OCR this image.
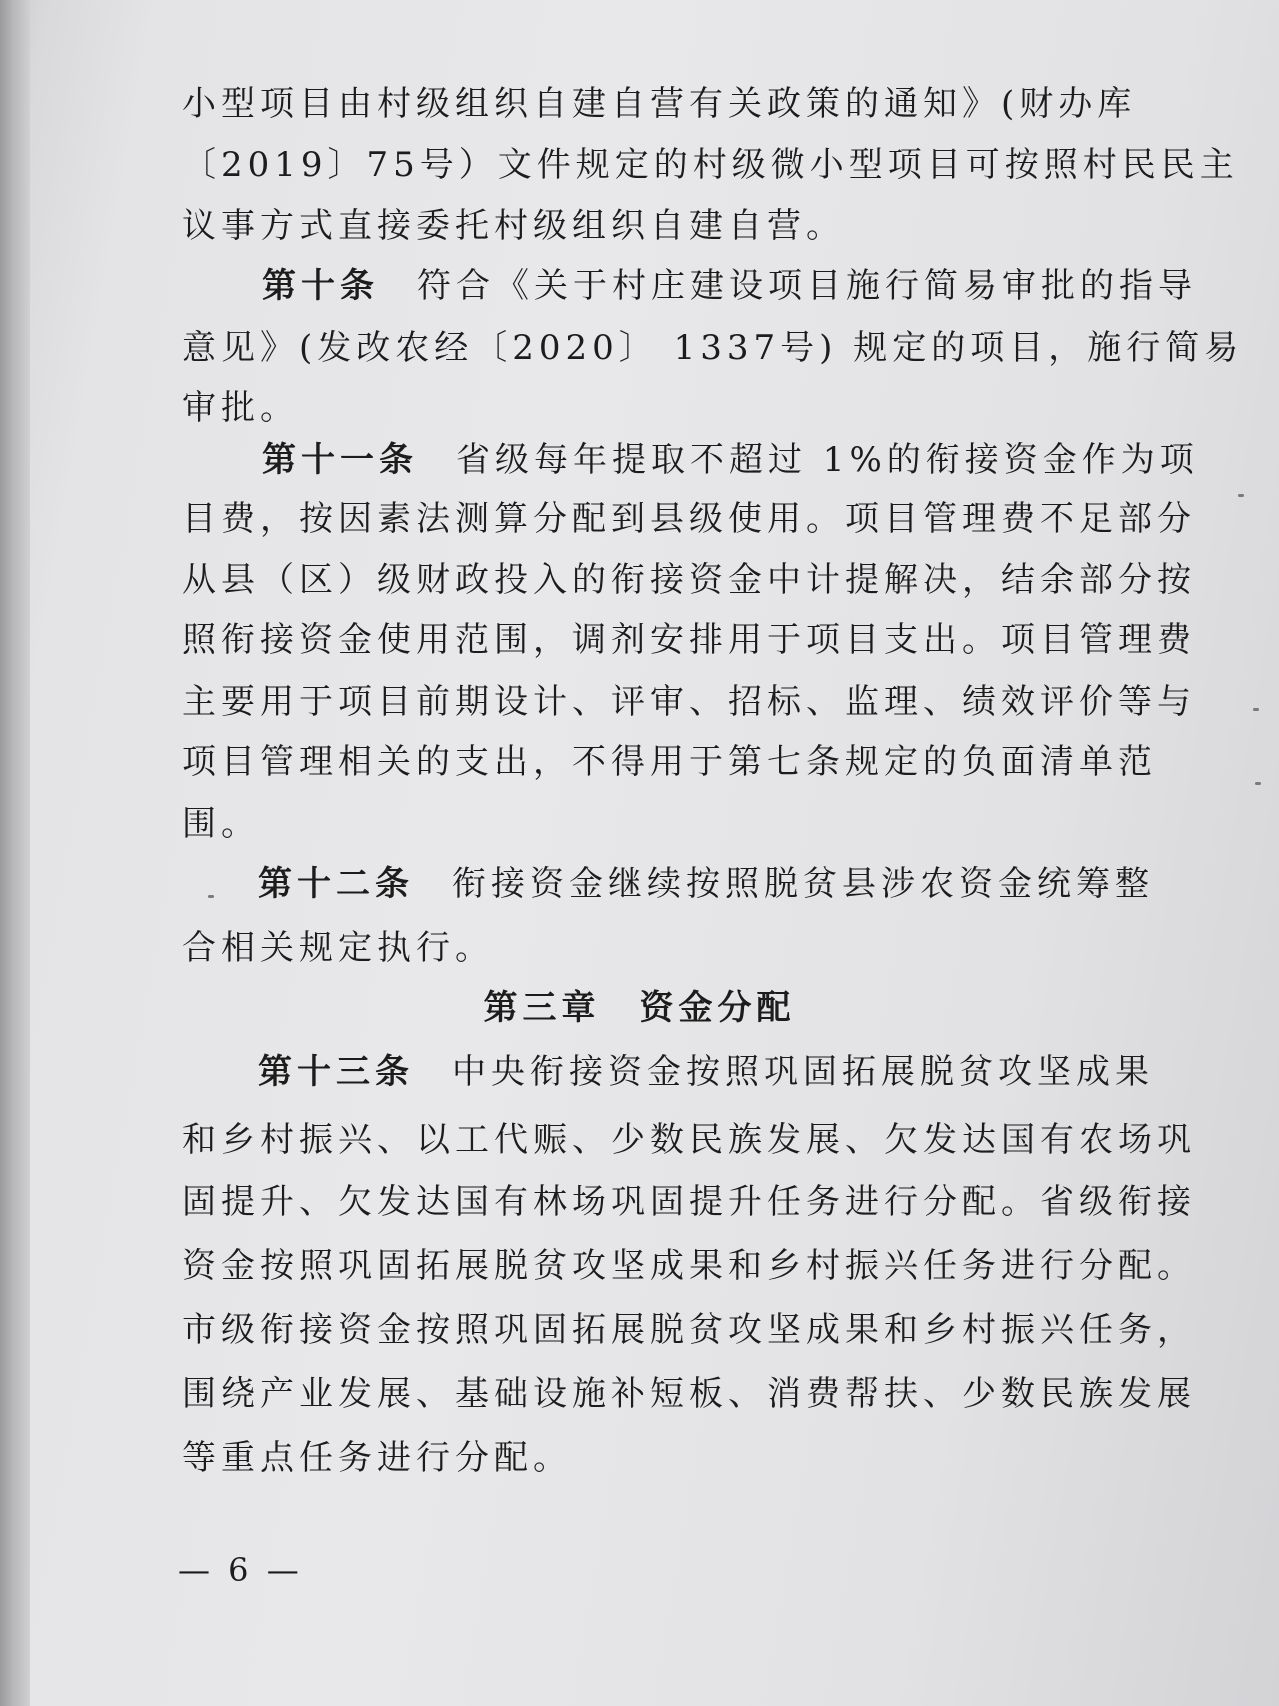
小型项目由村级组织自建自营有关政策的通知》(财办库
〔2019〕75号）文件规定的村级微小型项目可按照村民民主
议事方式直接委托村级组织自建自营。
第十条 符合《关于村庄建设项目施行简易审批的指导
意见》(发改农经〔2020〕 1337号) 规定的项目，施行简易
审批。
第十一条 省级每年提取不超过 1%的衔接资金作为项
目费，按因素法测算分配到县级使用。项目管理费不足部分
从县（区）级财政投入的衔接资金中计提解决，结余部分按
照衔接资金使用范围，调剂安排用于项目支出。项目管理费
主要用于项目前期设计、评审、招标、监理、绩效评价等与
项目管理相关的支出，不得用于第七条规定的负面清单范
围。
第十二条 衔接资金继续按照脱贫县涉农资金统筹整
合相关规定执行。
第三章　资金分配
第十三条 中央衔接资金按照巩固拓展脱贫攻坚成果
和乡村振兴、以工代赈、少数民族发展、欠发达国有农场巩
固提升、欠发达国有林场巩固提升任务进行分配。省级衔接
资金按照巩固拓展脱贫攻坚成果和乡村振兴任务进行分配。
市级衔接资金按照巩固拓展脱贫攻坚成果和乡村振兴任务，
围绕产业发展、基础设施补短板、消费帮扶、少数民族发展
等重点任务进行分配。
— 6 —
